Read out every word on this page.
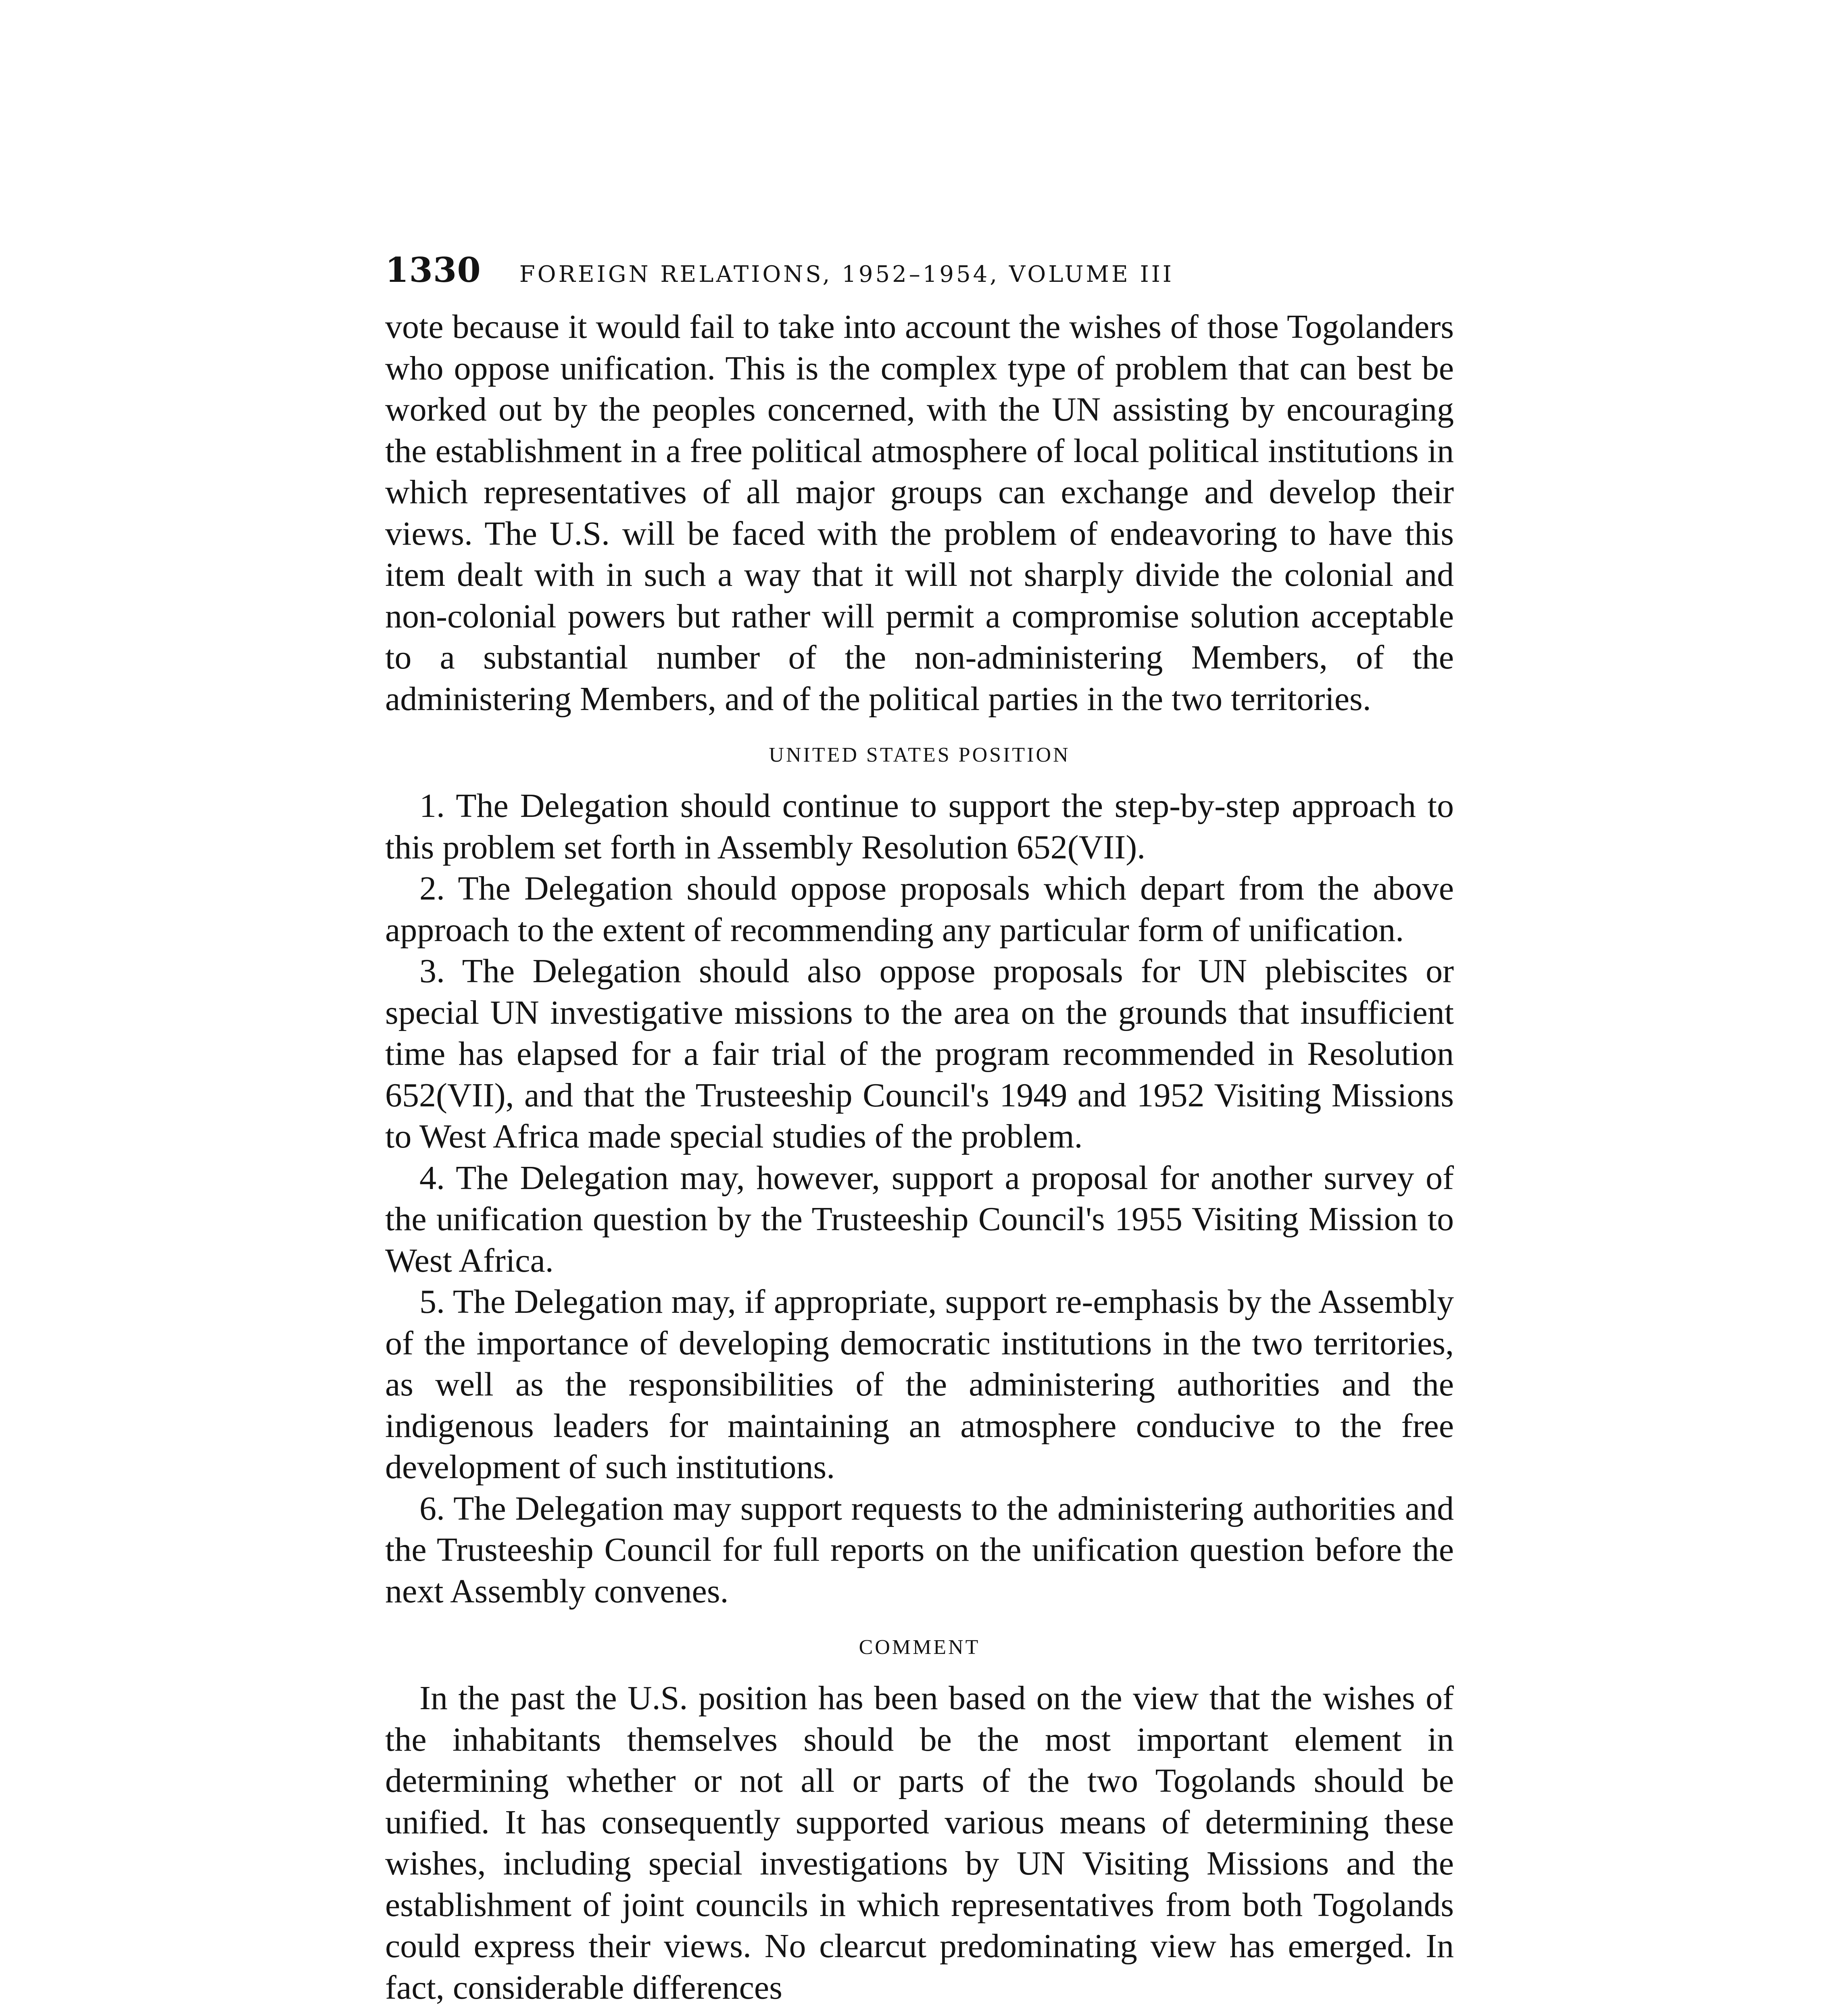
1330 FOREIGN RELATIONS, 1952–1954, VOLUME III

vote because it would fail to take into account the wishes of those Togolanders who oppose unification. This is the complex type of problem that can best be worked out by the peoples concerned, with the UN assisting by encouraging the establishment in a free political atmosphere of local political institutions in which representatives of all major groups can exchange and develop their views. The U.S. will be faced with the problem of endeavoring to have this item dealt with in such a way that it will not sharply divide the colonial and non-colonial powers but rather will permit a compromise solution acceptable to a substantial number of the non-administering Members, of the administering Members, and of the political parties in the two territories.

UNITED STATES POSITION

1. The Delegation should continue to support the step-by-step approach to this problem set forth in Assembly Resolution 652(VII).

2. The Delegation should oppose proposals which depart from the above approach to the extent of recommending any particular form of unification.

3. The Delegation should also oppose proposals for UN plebiscites or special UN investigative missions to the area on the grounds that insufficient time has elapsed for a fair trial of the program recommended in Resolution 652(VII), and that the Trusteeship Council's 1949 and 1952 Visiting Missions to West Africa made special studies of the problem.

4. The Delegation may, however, support a proposal for another survey of the unification question by the Trusteeship Council's 1955 Visiting Mission to West Africa.

5. The Delegation may, if appropriate, support re-emphasis by the Assembly of the importance of developing democratic institutions in the two territories, as well as the responsibilities of the administering authorities and the indigenous leaders for maintaining an atmosphere conducive to the free development of such institutions.

6. The Delegation may support requests to the administering authorities and the Trusteeship Council for full reports on the unification question before the next Assembly convenes.

COMMENT

In the past the U.S. position has been based on the view that the wishes of the inhabitants themselves should be the most important element in determining whether or not all or parts of the two Togolands should be unified. It has consequently supported various means of determining these wishes, including special investigations by UN Visiting Missions and the establishment of joint councils in which representatives from both Togolands could express their views. No clearcut predominating view has emerged. In fact, considerable differences
